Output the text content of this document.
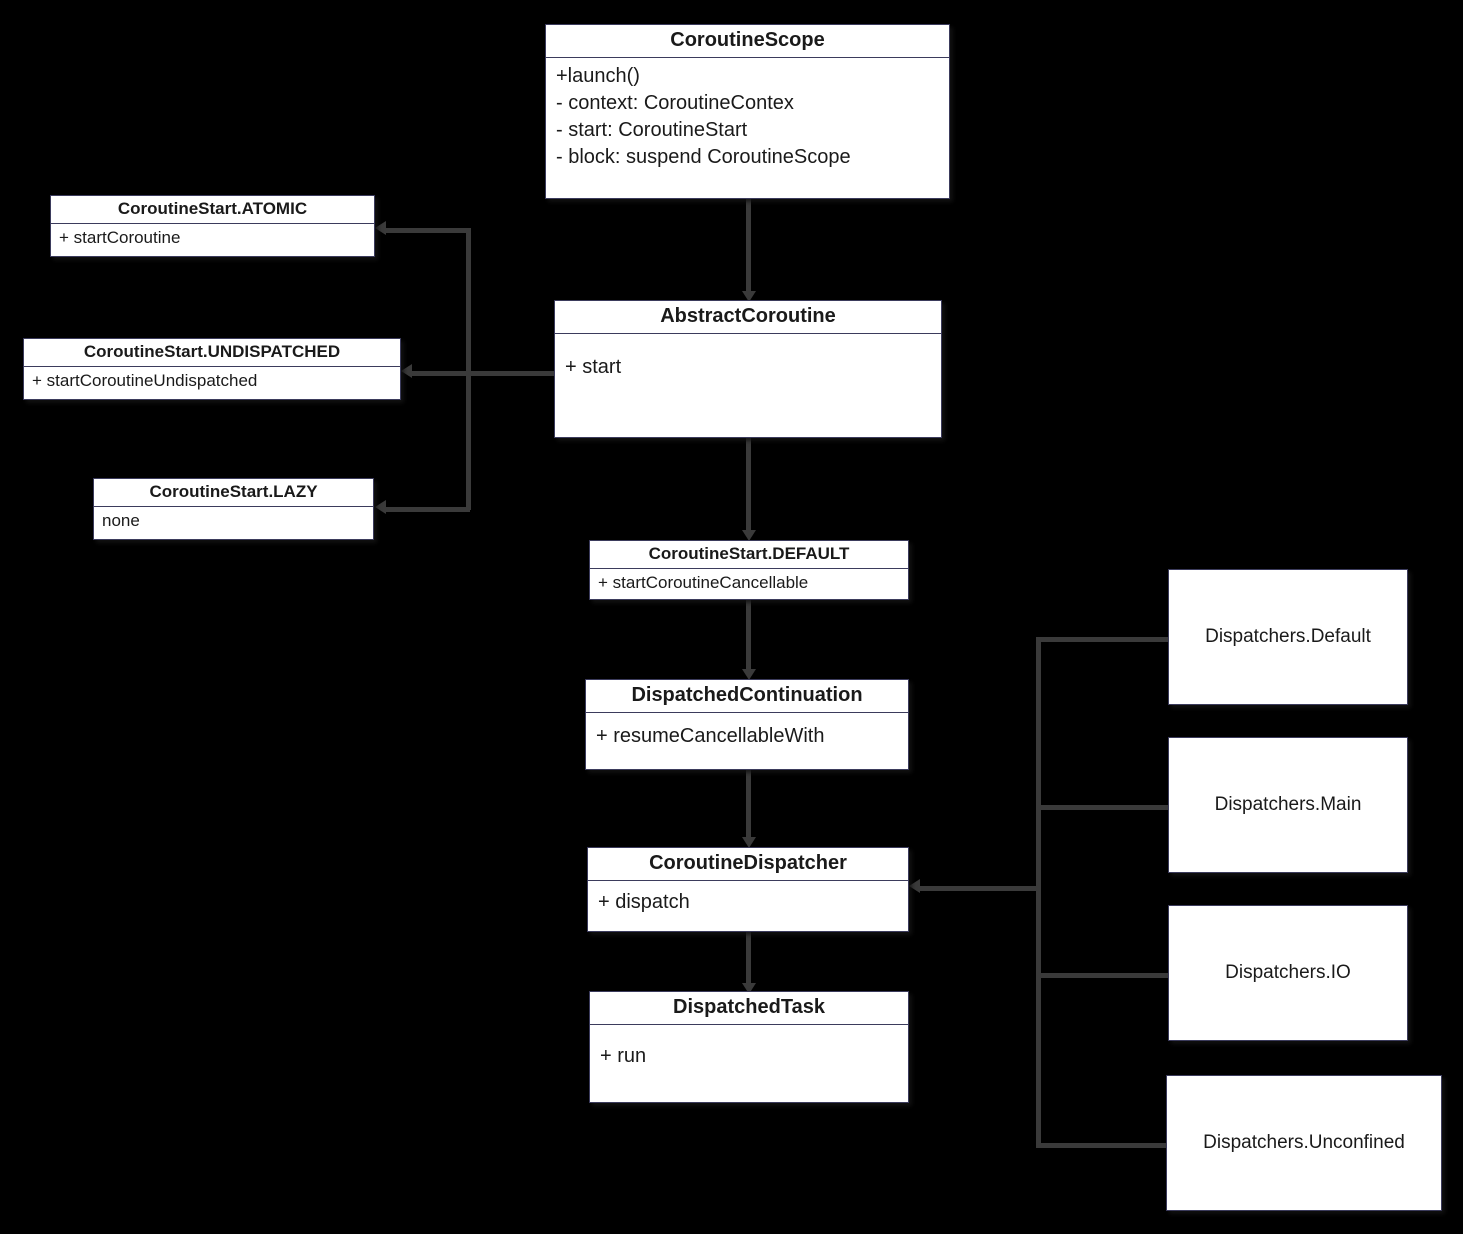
CoroutineScope
+launch()
- context: CoroutineContex
- start: CoroutineStart
- block: suspend CoroutineScope
AbstractCoroutine
+ start
CoroutineStart.ATOMIC
+ startCoroutine
CoroutineStart.UNDISPATCHED
+ startCoroutineUndispatched
CoroutineStart.LAZY
none
CoroutineStart.DEFAULT
+ startCoroutineCancellable
DispatchedContinuation
+ resumeCancellableWith
CoroutineDispatcher
+ dispatch
DispatchedTask
+ run
Dispatchers.Default
Dispatchers.Main
Dispatchers.IO
Dispatchers.Unconfined
